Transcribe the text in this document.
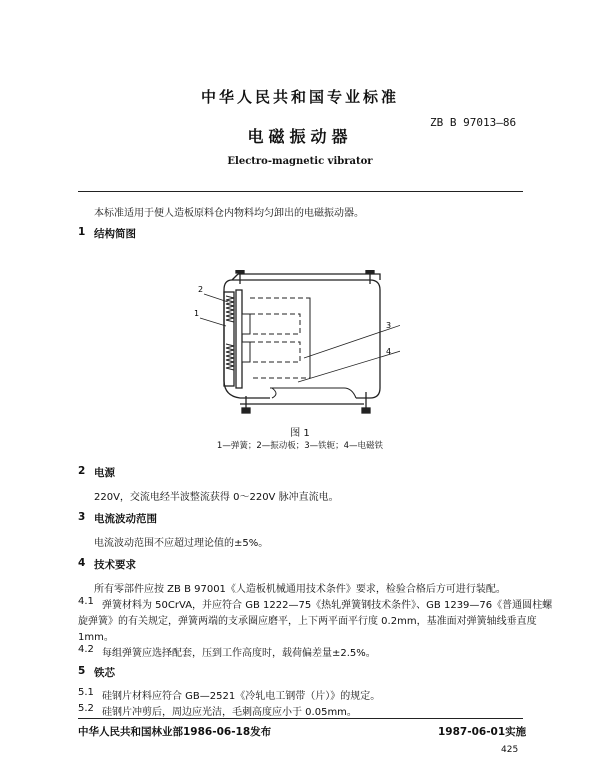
中华人民共和国专业标准
ZB B 97013—86
电磁振动器
Electro-magnetic vibrator
本标准适用于便人造板原料仓内物料均匀卸出的电磁振动器。
1 结构简图
2
1
3
4
图 1
1—弹簧；2—振动板；3—铁轭；4—电磁铁
2 电源
220V，交流电经半波整流获得 0～220V 脉冲直流电。
3 电流波动范围
电流波动范围不应超过理论值的±5%。
4 技术要求
所有零部件应按 ZB B 97001《人造板机械通用技术条件》要求，检验合格后方可进行装配。
4.1 弹簧材料为 50CrVA，并应符合 GB 1222—75《热轧弹簧钢技术条件》、GB 1239—76《普通圆柱螺
旋弹簧》的有关规定，弹簧两端的支承圈应磨平，上下两平面平行度 0.2mm，基准面对弹簧轴线垂直度
1mm。
4.2 每组弹簧应选择配套，压到工作高度时，载荷偏差量±2.5%。
5 铁芯
5.1 硅钢片材料应符合 GB—2521《冷轧电工钢带（片）》的规定。
5.2 硅钢片冲剪后，周边应光洁，毛刺高度应小于 0.05mm。
中华人民共和国林业部1986-06-18发布	1987-06-01实施
425
